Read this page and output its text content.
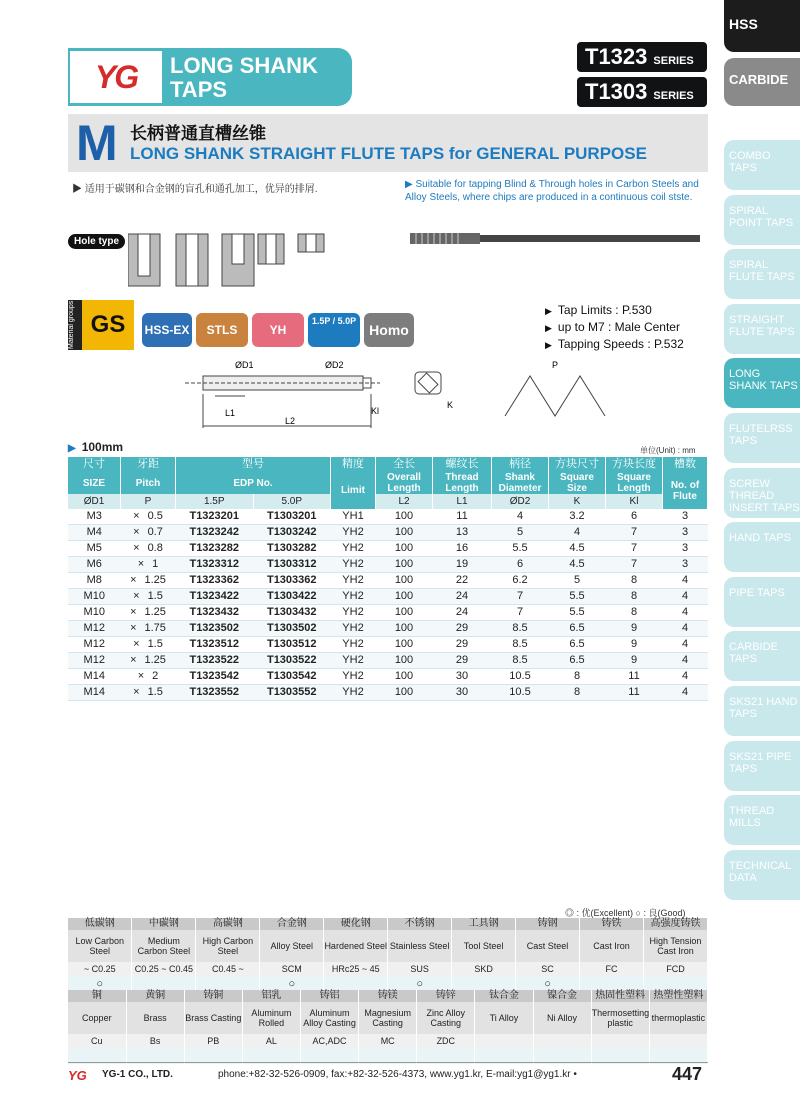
YG LONG SHANK
TAPS
T1323 SERIES
T1303 SERIES
HSS
CARBIDE
COMBO TAPS
SPIRAL POINT TAPS
SPIRAL FLUTE TAPS
STRAIGHT FLUTE TAPS
LONG SHANK TAPS
FLUTELRSS TAPS
SCREW THREAD INSERT TAPS
HAND TAPS
PIPE TAPS
CARBIDE TAPS
SKS21 HAND TAPS
SKS21 PIPE TAPS
THREAD MILLS
TECHNICAL DATA
M 长柄普通直槽丝锥
LONG SHANK STRAIGHT FLUTE TAPS for GENERAL PURPOSE
▶ 适用于碳钢和合金钢的盲孔和通孔加工，优异的排屑.	▶ Suitable for tapping Blind & Through holes in Carbon Steels and Alloy Steels, where chips are produced in a continuous coil stste.
Hole type
Material groups GS	HSS-EX	STLS	YH
1.5P / 5.0P
Homo
▶ Tap Limits : P.530
▶ up to M7 : Male Center
▶ Tapping Speeds : P.532
ØD1	ØD2
L1
L2
Kl
K
P
▶ 100mm	单位(Unit) : mm
尺寸	牙距	型号		精度	全长	螺纹长	柄径	方块尺寸	方块长度	槽数
SIZE	Pitch	EDP No.		Limit	Overall Length	Thread Length	Shank Diameter	Square Size	Square Length	No. of Flute
ØD1	P	1.5P	5.0P		L2	L1	ØD2	K	Kl	
M3	× 0.5	T1323201	T1303201	YH1	100	11	4	3.2	6	3
M4	× 0.7	T1323242	T1303242	YH2	100	13	5	4	7	3
M5	× 0.8	T1323282	T1303282	YH2	100	16	5.5	4.5	7	3
M6	× 1	T1323312	T1303312	YH2	100	19	6	4.5	7	3
M8	× 1.25	T1323362	T1303362	YH2	100	22	6.2	5	8	4
M10	× 1.5	T1323422	T1303422	YH2	100	24	7	5.5	8	4
M10	× 1.25	T1323432	T1303432	YH2	100	24	7	5.5	8	4
M12	× 1.75	T1323502	T1303502	YH2	100	29	8.5	6.5	9	4
M12	× 1.5	T1323512	T1303512	YH2	100	29	8.5	6.5	9	4
M12	× 1.25	T1323522	T1303522	YH2	100	29	8.5	6.5	9	4
M14	× 2	T1323542	T1303542	YH2	100	30	10.5	8	11	4
M14	× 1.5	T1323552	T1303552	YH2	100	30	10.5	8	11	4
◎ : 优(Excellent) ○ : 良(Good)
低碳钢	中碳钢	高碳钢	合金钢	硬化钢	不锈钢	工具钢	铸钢	铸铁	高强度铸铁
Low Carbon Steel	Medium Carbon Steel	High Carbon Steel	Alloy Steel	Hardened Steel	Stainless Steel	Tool Steel	Cast Steel	Cast Iron	High Tension Cast Iron
~ C0.25	C0.25 ~ C0.45	C0.45 ~	SCM	HRc25 ~ 45	SUS	SKD	SC	FC	FCD
○			○		○		○		
铜	黄铜	铸铜	铝乳	铸铝	铸镁	铸锌	钛合金	镍合金	热固性塑料	热塑性塑料
Copper	Brass	Brass Casting	Aluminum Rolled	Aluminum Alloy Casting	Magnesium Casting	Zinc Alloy Casting	Ti Alloy	Ni Alloy	Thermosetting plastic	thermoplastic
Cu	Bs	PB	AL	AC,ADC	MC	ZDC				

YG YG-1 CO., LTD.	phone:+82-32-526-0909, fax:+82-32-526-4373, www.yg1.kr, E-mail:yg1@yg1.kr •	447
